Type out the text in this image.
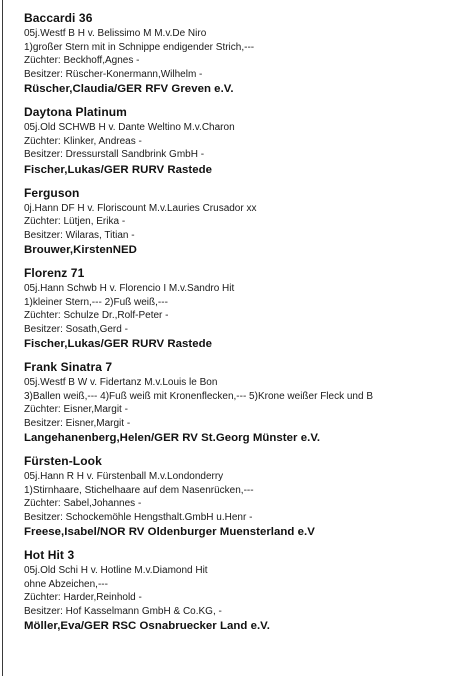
Baccardi 36
05j.Westf B H v. Belissimo M M.v.De Niro
1)großer Stern mit in Schnippe endigender Strich,---
Züchter: Beckhoff,Agnes -
Besitzer: Rüscher-Konermann,Wilhelm -
Rüscher,Claudia/GER RFV Greven e.V.
Daytona Platinum
05j.Old SCHWB H v. Dante Weltino M.v.Charon
Züchter: Klinker, Andreas -
Besitzer: Dressurstall Sandbrink GmbH -
Fischer,Lukas/GER RURV Rastede
Ferguson
0j.Hann DF H v. Floriscount M.v.Lauries Crusador xx
Züchter: Lütjen, Erika -
Besitzer: Wilaras, Titian -
Brouwer,KirstenNED
Florenz 71
05j.Hann Schwb H v. Florencio I M.v.Sandro Hit
1)kleiner Stern,--- 2)Fuß weiß,---
Züchter: Schulze Dr.,Rolf-Peter -
Besitzer: Sosath,Gerd -
Fischer,Lukas/GER RURV Rastede
Frank Sinatra 7
05j.Westf B W v. Fidertanz M.v.Louis le Bon
3)Ballen weiß,--- 4)Fuß weiß mit Kronenflecken,--- 5)Krone weißer Fleck und B
Züchter: Eisner,Margit -
Besitzer: Eisner,Margit -
Langehanenberg,Helen/GER RV St.Georg Münster e.V.
Fürsten-Look
05j.Hann R H v. Fürstenball M.v.Londonderry
1)Stirnhaare, Stichelhaare auf dem Nasenrücken,---
Züchter: Sabel,Johannes -
Besitzer: Schockemöhle Hengsthalt.GmbH u.Henr -
Freese,Isabel/NOR RV Oldenburger Muensterland e.V
Hot Hit 3
05j.Old Schi H v. Hotline M.v.Diamond Hit
ohne Abzeichen,---
Züchter: Harder,Reinhold -
Besitzer: Hof Kasselmann GmbH & Co.KG, -
Möller,Eva/GER RSC Osnabruecker Land e.V.
